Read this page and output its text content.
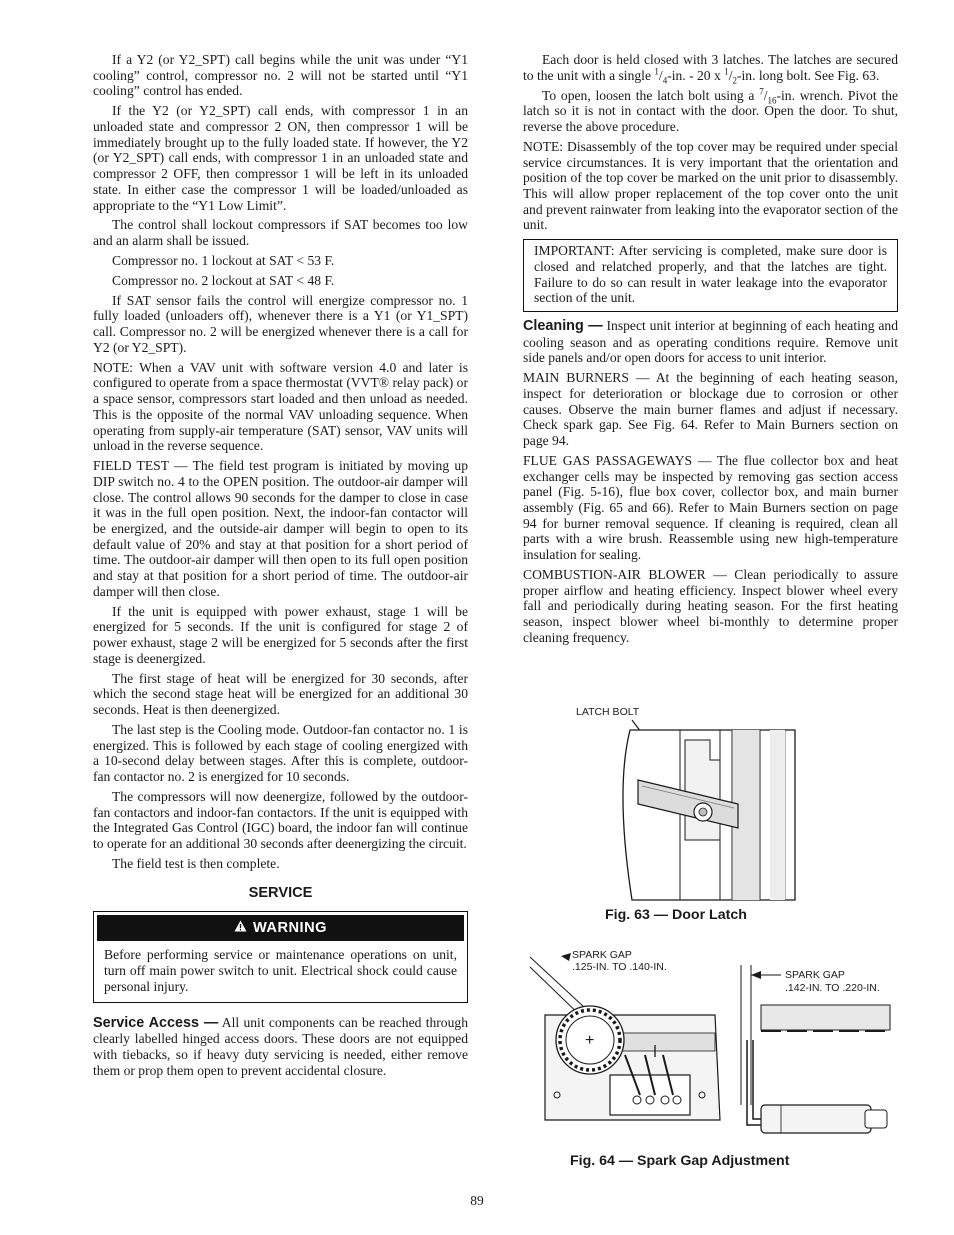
If a Y2 (or Y2_SPT) call begins while the unit was under “Y1 cooling” control, compressor no. 2 will not be started until “Y1 cooling” control has ended.

If the Y2 (or Y2_SPT) call ends, with compressor 1 in an unloaded state and compressor 2 ON, then compressor 1 will be immediately brought up to the fully loaded state. If however, the Y2 (or Y2_SPT) call ends, with compressor 1 in an unloaded state and compressor 2 OFF, then compressor 1 will be left in its unloaded state. In either case the compressor 1 will be loaded/unloaded as appropriate to the “Y1 Low Limit”.

The control shall lockout compressors if SAT becomes too low and an alarm shall be issued.

Compressor no. 1 lockout at SAT < 53 F.

Compressor no. 2 lockout at SAT < 48 F.

If SAT sensor fails the control will energize compressor no. 1 fully loaded (unloaders off), whenever there is a Y1 (or Y1_SPT) call. Compressor no. 2 will be energized whenever there is a call for Y2 (or Y2_SPT).

NOTE: When a VAV unit with software version 4.0 and later is configured to operate from a space thermostat (VVT® relay pack) or a space sensor, compressors start loaded and then unload as needed. This is the opposite of the normal VAV unloading sequence. When operating from supply-air temperature (SAT) sensor, VAV units will unload in the reverse sequence.

FIELD TEST — The field test program is initiated by moving up DIP switch no. 4 to the OPEN position. The outdoor-air damper will close. The control allows 90 seconds for the damper to close in case it was in the full open position. Next, the indoor-fan contactor will be energized, and the outside-air damper will begin to open to its default value of 20% and stay at that position for a short period of time. The outdoor-air damper will then open to its full open position and stay at that position for a short period of time. The outdoor-air damper will then close.

If the unit is equipped with power exhaust, stage 1 will be energized for 5 seconds. If the unit is configured for stage 2 of power exhaust, stage 2 will be energized for 5 seconds after the first stage is deenergized.

The first stage of heat will be energized for 30 seconds, after which the second stage heat will be energized for an additional 30 seconds. Heat is then deenergized.

The last step is the Cooling mode. Outdoor-fan contactor no. 1 is energized. This is followed by each stage of cooling energized with a 10-second delay between stages. After this is complete, outdoor-fan contactor no. 2 is energized for 10 seconds.

The compressors will now deenergize, followed by the outdoor-fan contactors and indoor-fan contactors. If the unit is equipped with the Integrated Gas Control (IGC) board, the indoor fan will continue to operate for an additional 30 seconds after deenergizing the circuit.

The field test is then complete.

SERVICE
WARNING
Before performing service or maintenance operations on unit, turn off main power switch to unit. Electrical shock could cause personal injury.

Service Access — All unit components can be reached through clearly labelled hinged access doors. These doors are not equipped with tiebacks, so if heavy duty servicing is needed, either remove them or prop them open to prevent accidental closure.

Each door is held closed with 3 latches. The latches are secured to the unit with a single $^1/_4-in$. - 20 x $^1/_2-in$. long bolt. See Fig. 63.

To open, loosen the latch bolt using a $^7/_{16}-in$. wrench. Pivot the latch so it is not in contact with the door. Open the door. To shut, reverse the above procedure.

NOTE: Disassembly of the top cover may be required under special service circumstances. It is very important that the orientation and position of the top cover be marked on the unit prior to disassembly. This will allow proper replacement of the top cover onto the unit and prevent rainwater from leaking into the evaporator section of the unit.

IMPORTANT: After servicing is completed, make sure door is closed and relatched properly, and that the latches are tight. Failure to do so can result in water leakage into the evaporator section of the unit.

Cleaning — Inspect unit interior at beginning of each heating and cooling season and as operating conditions require. Remove unit side panels and/or open doors for access to unit interior.

MAIN BURNERS — At the beginning of each heating season, inspect for deterioration or blockage due to corrosion or other causes. Observe the main burner flames and adjust if necessary. Check spark gap. See Fig. 64. Refer to Main Burners section on page 94.

FLUE GAS PASSAGEWAYS — The flue collector box and heat exchanger cells may be inspected by removing gas section access panel (Fig. 5-16), flue box cover, collector box, and main burner assembly (Fig. 65 and 66). Refer to Main Burners section on page 94 for burner removal sequence. If cleaning is required, clean all parts with a wire brush. Reassemble using new high-temperature insulation for sealing.

COMBUSTION-AIR BLOWER — Clean periodically to assure proper airflow and heating efficiency. Inspect blower wheel every fall and periodically during heating season. For the first heating season, inspect blower wheel bi-monthly to determine proper cleaning frequency.

LATCH BOLT
Fig. 63 — Door Latch
SPARK GAP
.125-IN. TO .140-IN.
SPARK GAP
.142-IN. TO .220-IN.
+
Fig. 64 — Spark Gap Adjustment
89
